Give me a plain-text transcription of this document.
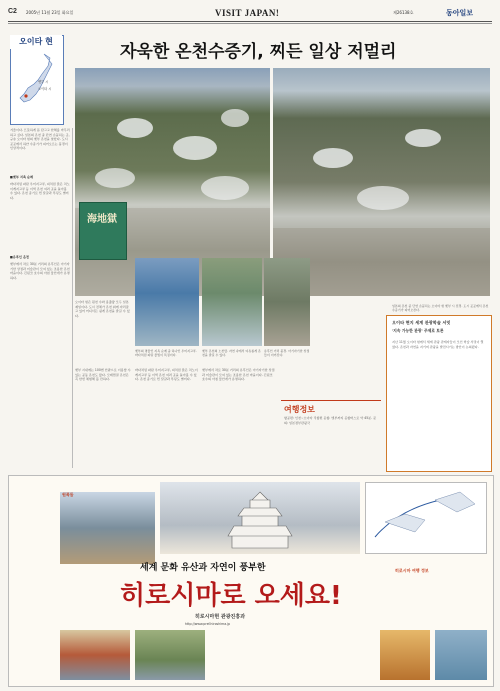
C2 2005년 11월 23일 화요일	VISIT JAPAN!	제26138호	동아일보
오이타 현
벳부 시
오이타 시
자욱한 온천수증기, 찌든 일상 저멀리
겨울이다. 뜨뜻하게 몸 담그고 한해를 마무리하고 싶다. 일본의 온천 중 단연 손꼽히는 곳, 규슈 오이타 현의 벳부 온천을 찾았다. 도시 곳곳에서 하얀 수증기가 피어오르는 풍경이 인상적이다.
■벳부 지옥 순례
바다처럼 파란 우미지고쿠, 피처럼 붉은 치노이케지고쿠 등 이색 온천 여러 곳을 돌아볼 수 있다. 온천 증기로 찐 달걀과 푸딩도 별미다.
■유후인 온천
벳부에서 차로 30분 거리의 유후인은 아기자기한 상점과 미술관이 모여 있는 조용한 온천 마을이다. 긴린코 호수의 아침 물안개가 유명하다.
海地獄
일본의 온천 중 단연 손꼽히는 오이타 현 벳부 시 전경. 도시 곳곳에서 온천 수증기가 피어오른다.
벳부의 명물인 지옥 순례 중 하나인 우미지고쿠. 바다처럼 파란 물빛이 특징이다.
벳부 온천의 노천탕. 자연 속에서 여유롭게 온천을 즐길 수 있다.
유후인 거리 풍경. 아기자기한 상점들이 이어진다.
오이타 현은 원천 수와 용출량 모두 일본 제일이다. 도시 전체가 온천 위에 자리잡고 있어 어디서든 쉽게 온천을 즐길 수 있다.
벳부 시내에는 100엔 안팎으로 이용할 수 있는 공동 온천도 많다. 모래찜질 온천은 꼭 한번 체험해 볼 만하다.
바다처럼 파란 우미지고쿠, 피처럼 붉은 치노이케지고쿠 등 이색 온천 여러 곳을 돌아볼 수 있다. 온천 증기로 찐 달걀과 푸딩도 별미다.
벳부에서 차로 30분 거리의 유후인은 아기자기한 상점과 미술관이 모여 있는 조용한 온천 마을이다. 긴린코 호수의 아침 물안개가 유명하다.
여행정보
항공편: 인천∼오이타 직항편 운항. 벳부까지 공항버스로 약 45분. 문의: 일본정부관광국
오이타 현지 세계 관광학술 서밋
'지속 가능한 관광' 주제로 토론
지난 11월 오이타 현에서 세계 관광 관계자들이 모인 학술 서밋이 열렸다. 온천과 자연을 지키며 관광을 발전시키는 방안이 논의됐다.
원폭돔
히로시마 여행 정보
세계 문화 유산과 자연이 풍부한
히로시마로 오세요!
히로시마현 관광진흥과
http://www.pref.hiroshima.jp
